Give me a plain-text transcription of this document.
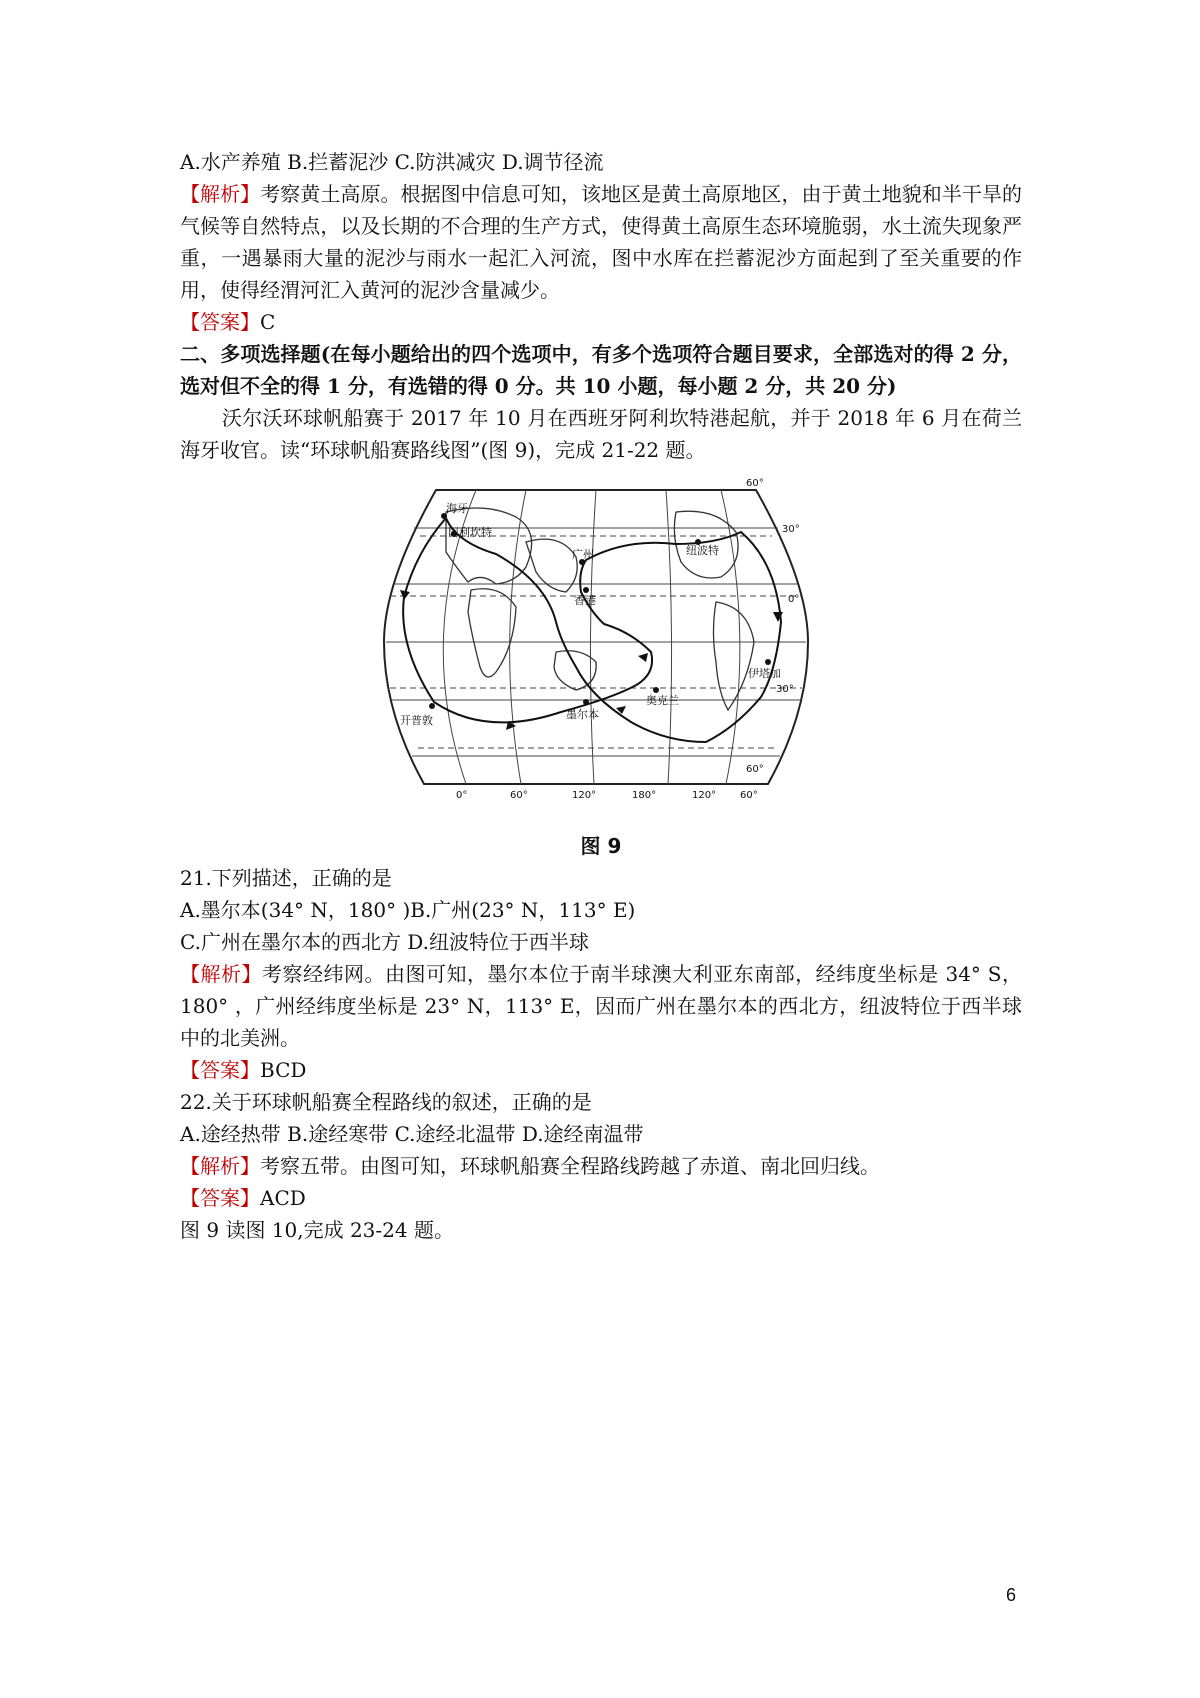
A.水产养殖 B.拦蓄泥沙 C.防洪减灾 D.调节径流
【解析】考察黄土高原。根据图中信息可知，该地区是黄土高原地区，由于黄土地貌和半干旱的气候等自然特点，以及长期的不合理的生产方式，使得黄土高原生态环境脆弱，水土流失现象严重，一遇暴雨大量的泥沙与雨水一起汇入河流，图中水库在拦蓄泥沙方面起到了至关重要的作用，使得经渭河汇入黄河的泥沙含量减少。
【答案】C
二、多项选择题(在每小题给出的四个选项中，有多个选项符合题目要求，全部选对的得 2 分，选对但不全的得 1 分，有选错的得 0 分。共 10 小题，每小题 2 分，共 20 分)
沃尔沃环球帆船赛于 2017 年 10 月在西班牙阿利坎特港起航，并于 2018 年 6 月在荷兰海牙收官。读“环球帆船赛路线图”(图 9)，完成 21-22 题。
海牙
阿利坎特
广州
香港
纽波特
伊塔加
奥克兰
墨尔本
开普敦
60°
30°
0°
30°
60°
0°	60°	120°	180°	120° 60°
图 9
21.下列描述，正确的是
A.墨尔本(34° N，180° )B.广州(23° N，113° E)
C.广州在墨尔本的西北方 D.纽波特位于西半球
【解析】考察经纬网。由图可知，墨尔本位于南半球澳大利亚东南部，经纬度坐标是 34° S，180° ，广州经纬度坐标是 23° N，113° E，因而广州在墨尔本的西北方，纽波特位于西半球中的北美洲。
【答案】BCD
22.关于环球帆船赛全程路线的叙述，正确的是
A.途经热带 B.途经寒带 C.途经北温带 D.途经南温带
【解析】考察五带。由图可知，环球帆船赛全程路线跨越了赤道、南北回归线。
【答案】ACD
图 9 读图 10,完成 23-24 题。
6
